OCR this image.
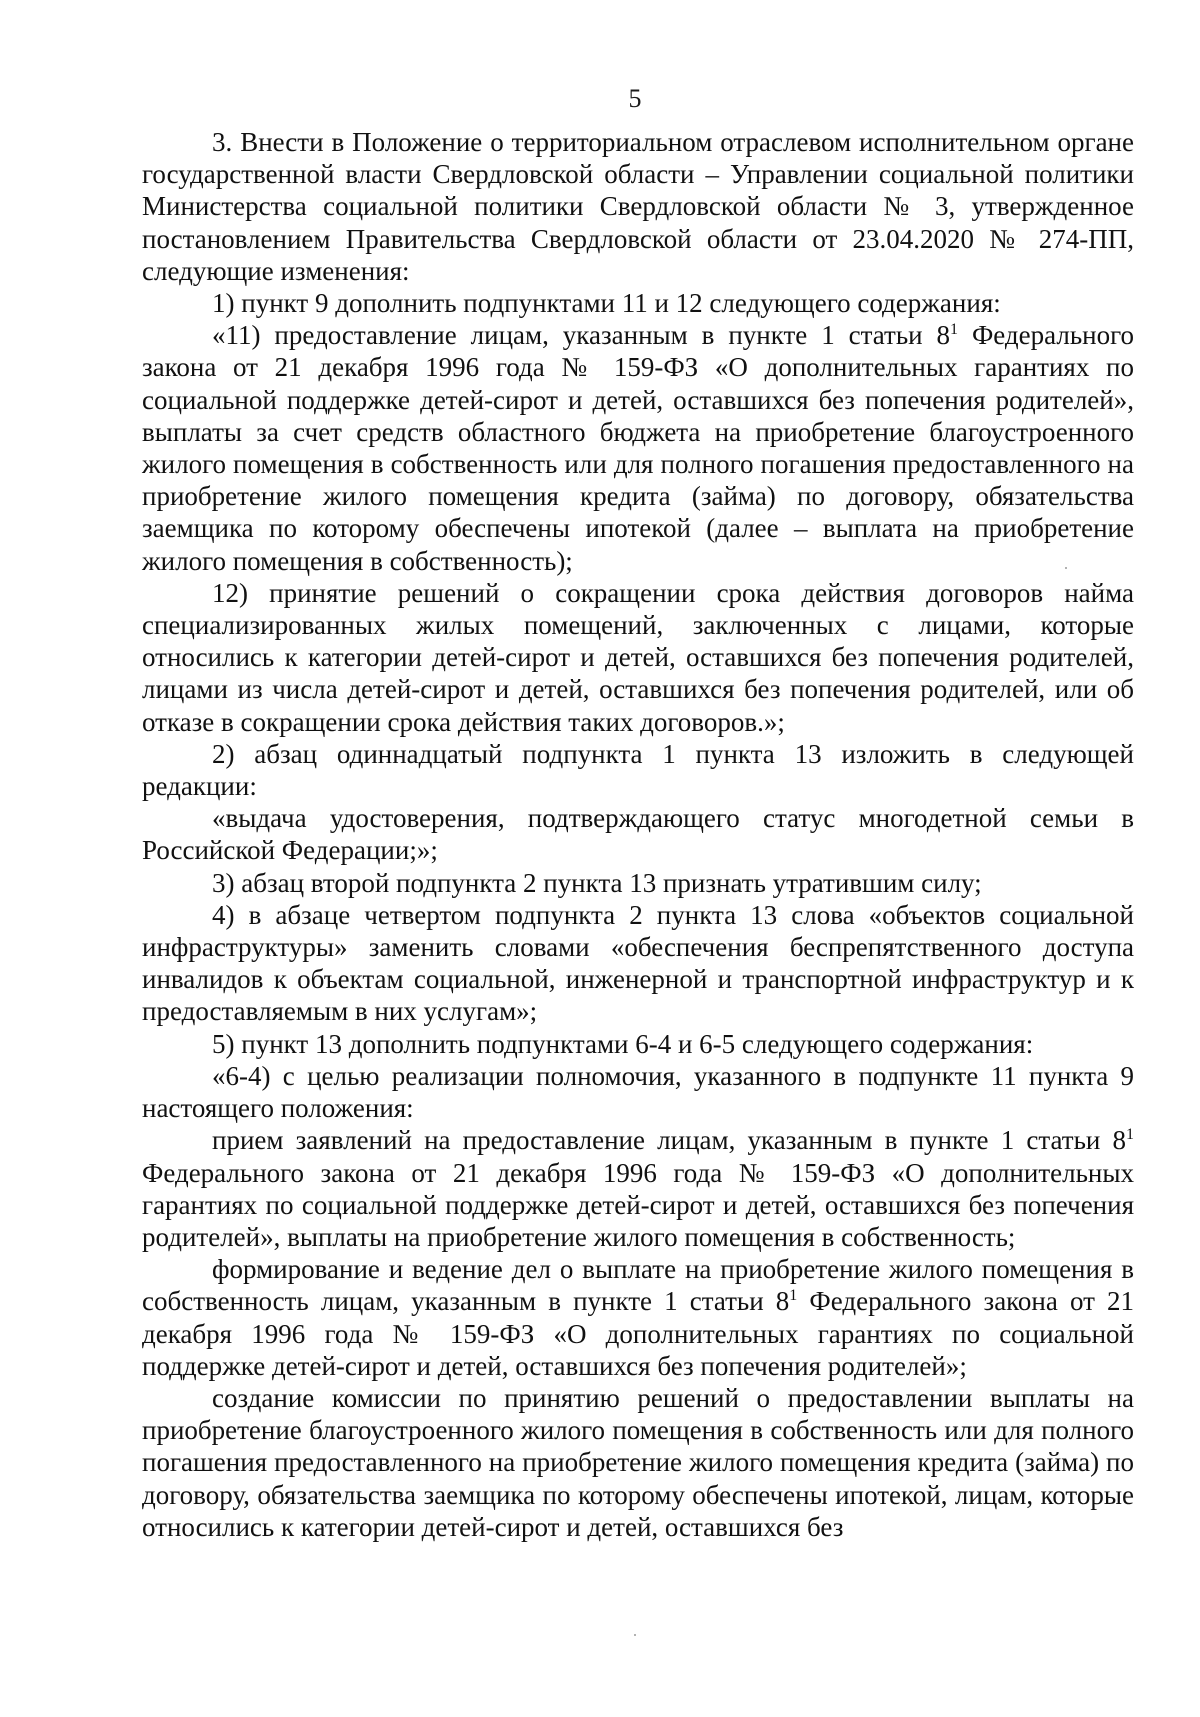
5

3. Внести в Положение о территориальном отраслевом исполнительном органе государственной власти Свердловской области – Управлении социальной политики Министерства социальной политики Свердловской области № 3, утвержденное постановлением Правительства Свердловской области от 23.04.2020 № 274-ПП, следующие изменения:

1) пункт 9 дополнить подпунктами 11 и 12 следующего содержания:

«11) предоставление лицам, указанным в пункте 1 статьи $8^1$ Федерального закона от 21 декабря 1996 года № 159-ФЗ «О дополнительных гарантиях по социальной поддержке детей-сирот и детей, оставшихся без попечения родителей», выплаты за счет средств областного бюджета на приобретение благоустроенного жилого помещения в собственность или для полного погашения предоставленного на приобретение жилого помещения кредита (займа) по договору, обязательства заемщика по которому обеспечены ипотекой (далее – выплата на приобретение жилого помещения в собственность);

12) принятие решений о сокращении срока действия договоров найма специализированных жилых помещений, заключенных с лицами, которые относились к категории детей-сирот и детей, оставшихся без попечения родителей, лицами из числа детей-сирот и детей, оставшихся без попечения родителей, или об отказе в сокращении срока действия таких договоров.»;

2) абзац одиннадцатый подпункта 1 пункта 13 изложить в следующей редакции:

«выдача удостоверения, подтверждающего статус многодетной семьи в Российской Федерации;»;

3) абзац второй подпункта 2 пункта 13 признать утратившим силу;

4) в абзаце четвертом подпункта 2 пункта 13 слова «объектов социальной инфраструктуры» заменить словами «обеспечения беспрепятственного доступа инвалидов к объектам социальной, инженерной и транспортной инфраструктур и к предоставляемым в них услугам»;

5) пункт 13 дополнить подпунктами 6-4 и 6-5 следующего содержания:

«6-4) с целью реализации полномочия, указанного в подпункте 11 пункта 9 настоящего положения:

прием заявлений на предоставление лицам, указанным в пункте 1 статьи $8^1$ Федерального закона от 21 декабря 1996 года № 159-ФЗ «О дополнительных гарантиях по социальной поддержке детей-сирот и детей, оставшихся без попечения родителей», выплаты на приобретение жилого помещения в собственность;

формирование и ведение дел о выплате на приобретение жилого помещения в собственность лицам, указанным в пункте 1 статьи $8^1$ Федерального закона от 21 декабря 1996 года № 159-ФЗ «О дополнительных гарантиях по социальной поддержке детей-сирот и детей, оставшихся без попечения родителей»;

создание комиссии по принятию решений о предоставлении выплаты на приобретение благоустроенного жилого помещения в собственность или для полного погашения предоставленного на приобретение жилого помещения кредита (займа) по договору, обязательства заемщика по которому обеспечены ипотекой, лицам, которые относились к категории детей-сирот и детей, оставшихся без
